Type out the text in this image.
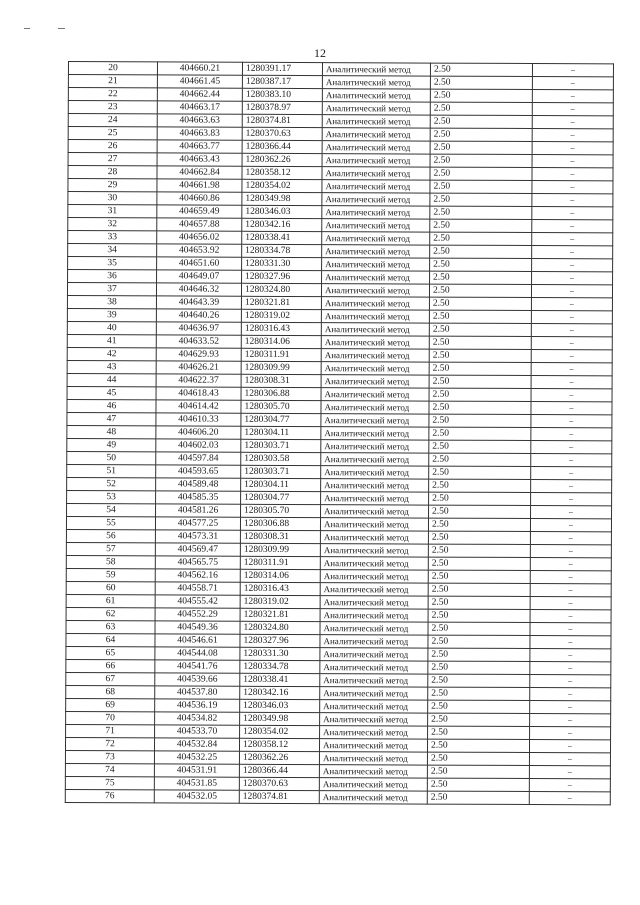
12
20	404660.21	1280391.17	Аналитический метод	2.50	–
21	404661.45	1280387.17	Аналитический метод	2.50	–
22	404662.44	1280383.10	Аналитический метод	2.50	–
23	404663.17	1280378.97	Аналитический метод	2.50	–
24	404663.63	1280374.81	Аналитический метод	2.50	–
25	404663.83	1280370.63	Аналитический метод	2.50	–
26	404663.77	1280366.44	Аналитический метод	2.50	–
27	404663.43	1280362.26	Аналитический метод	2.50	–
28	404662.84	1280358.12	Аналитический метод	2.50	–
29	404661.98	1280354.02	Аналитический метод	2.50	–
30	404660.86	1280349.98	Аналитический метод	2.50	–
31	404659.49	1280346.03	Аналитический метод	2.50	–
32	404657.88	1280342.16	Аналитический метод	2.50	–
33	404656.02	1280338.41	Аналитический метод	2.50	–
34	404653.92	1280334.78	Аналитический метод	2.50	–
35	404651.60	1280331.30	Аналитический метод	2.50	–
36	404649.07	1280327.96	Аналитический метод	2.50	–
37	404646.32	1280324.80	Аналитический метод	2.50	–
38	404643.39	1280321.81	Аналитический метод	2.50	–
39	404640.26	1280319.02	Аналитический метод	2.50	–
40	404636.97	1280316.43	Аналитический метод	2.50	–
41	404633.52	1280314.06	Аналитический метод	2.50	–
42	404629.93	1280311.91	Аналитический метод	2.50	–
43	404626.21	1280309.99	Аналитический метод	2.50	–
44	404622.37	1280308.31	Аналитический метод	2.50	–
45	404618.43	1280306.88	Аналитический метод	2.50	–
46	404614.42	1280305.70	Аналитический метод	2.50	–
47	404610.33	1280304.77	Аналитический метод	2.50	–
48	404606.20	1280304.11	Аналитический метод	2.50	–
49	404602.03	1280303.71	Аналитический метод	2.50	–
50	404597.84	1280303.58	Аналитический метод	2.50	–
51	404593.65	1280303.71	Аналитический метод	2.50	–
52	404589.48	1280304.11	Аналитический метод	2.50	–
53	404585.35	1280304.77	Аналитический метод	2.50	–
54	404581.26	1280305.70	Аналитический метод	2.50	–
55	404577.25	1280306.88	Аналитический метод	2.50	–
56	404573.31	1280308.31	Аналитический метод	2.50	–
57	404569.47	1280309.99	Аналитический метод	2.50	–
58	404565.75	1280311.91	Аналитический метод	2.50	–
59	404562.16	1280314.06	Аналитический метод	2.50	–
60	404558.71	1280316.43	Аналитический метод	2.50	–
61	404555.42	1280319.02	Аналитический метод	2.50	–
62	404552.29	1280321.81	Аналитический метод	2.50	–
63	404549.36	1280324.80	Аналитический метод	2.50	–
64	404546.61	1280327.96	Аналитический метод	2.50	–
65	404544.08	1280331.30	Аналитический метод	2.50	–
66	404541.76	1280334.78	Аналитический метод	2.50	–
67	404539.66	1280338.41	Аналитический метод	2.50	–
68	404537.80	1280342.16	Аналитический метод	2.50	–
69	404536.19	1280346.03	Аналитический метод	2.50	–
70	404534.82	1280349.98	Аналитический метод	2.50	–
71	404533.70	1280354.02	Аналитический метод	2.50	–
72	404532.84	1280358.12	Аналитический метод	2.50	–
73	404532.25	1280362.26	Аналитический метод	2.50	–
74	404531.91	1280366.44	Аналитический метод	2.50	–
75	404531.85	1280370.63	Аналитический метод	2.50	–
76	404532.05	1280374.81	Аналитический метод	2.50	–
